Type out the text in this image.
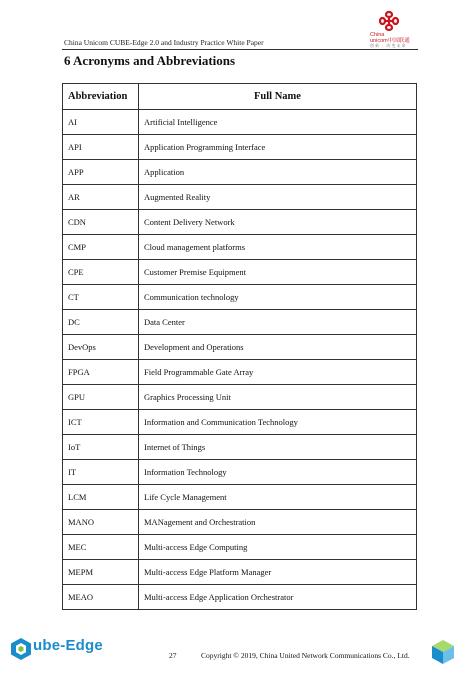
China Unicom CUBE-Edge 2.0 and Industry Practice White Paper
China
unicom中国联通
创新 · 改变未来
6 Acronyms and Abbreviations
Abbreviation	Full Name
AI	Artificial Intelligence
API	Application Programming Interface
APP	Application
AR	Augmented Reality
CDN	Content Delivery Network
CMP	Cloud management platforms
CPE	Customer Premise Equipment
CT	Communication technology
DC	Data Center
DevOps	Development and Operations
FPGA	Field Programmable Gate Array
GPU	Graphics Processing Unit
ICT	Information and Communication Technology
IoT	Internet of Things
IT	Information Technology
LCM	Life Cycle Management
MANO	MANagement and Orchestration
MEC	Multi-access Edge Computing
MEPM	Multi-access Edge Platform Manager
MEAO	Multi-access Edge Application Orchestrator
ube-Edge
27	Copyright © 2019, China United Network Communications Co., Ltd.
